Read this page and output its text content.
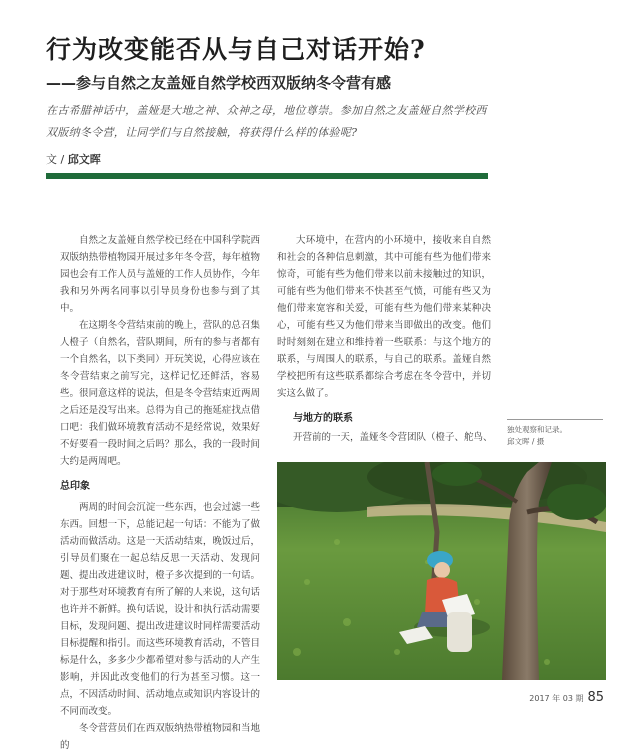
行为改变能否从与自己对话开始?
——参与自然之友盖娅自然学校西双版纳冬令营有感
在古希腊神话中，盖娅是大地之神、众神之母，地位尊崇。参加自然之友盖娅自然学校西双版纳冬令营，让同学们与自然接触，将获得什么样的体验呢?
文 / 邱文晖

自然之友盖娅自然学校已经在中国科学院西双版纳热带植物园开展过多年冬令营，每年植物园也会有工作人员与盖娅的工作人员协作，今年我和另外两名同事以引导员身份也参与到了其中。

在这期冬令营结束前的晚上，营队的总召集人橙子（自然名，营队期间，所有的参与者都有一个自然名，以下类同）开玩笑说，心得应该在冬令营结束之前写完，这样记忆还鲜活，容易些。很同意这样的说法，但是冬令营结束近两周之后还是没写出来。总得为自己的拖延症找点借口吧：我们做环境教育活动不是经常说，效果好不好要看一段时间之后吗？那么，我的一段时间大约是两周吧。

总印象

两周的时间会沉淀一些东西，也会过滤一些东西。回想一下，总能记起一句话：不能为了做活动而做活动。这是一天活动结束，晚饭过后，引导员们聚在一起总结反思一天活动、发现问题、提出改进建议时，橙子多次提到的一句话。对于那些对环境教育有所了解的人来说，这句话也许并不新鲜。换句话说，设计和执行活动需要目标，发现问题、提出改进建议时同样需要活动目标提醒和指引。而这些环境教育活动，不管目标是什么，多多少少都希望对参与活动的人产生影响，并因此改变他们的行为甚至习惯。这一点，不因活动时间、活动地点或知识内容设计的不同而改变。

冬令营营员们在西双版纳热带植物园和当地的

大环境中，在营内的小环境中，接收来自自然和社会的各种信息刺激，其中可能有些为他们带来惊奇，可能有些为他们带来以前未接触过的知识，可能有些为他们带来不快甚至气愤，可能有些又为他们带来宽容和关爱，可能有些为他们带来某种决心，可能有些又为他们带来当即做出的改变。他们时时刻刻在建立和维持着一些联系：与这个地方的联系，与周围人的联系，与自己的联系。盖娅自然学校把所有这些联系都综合考虑在冬令营中，并切实这么做了。

与地方的联系

开营前的一天，盖娅冬令营团队（橙子、舵鸟、

独处观察和记录。
邱文晖 / 摄
2017 年 03 期 85
